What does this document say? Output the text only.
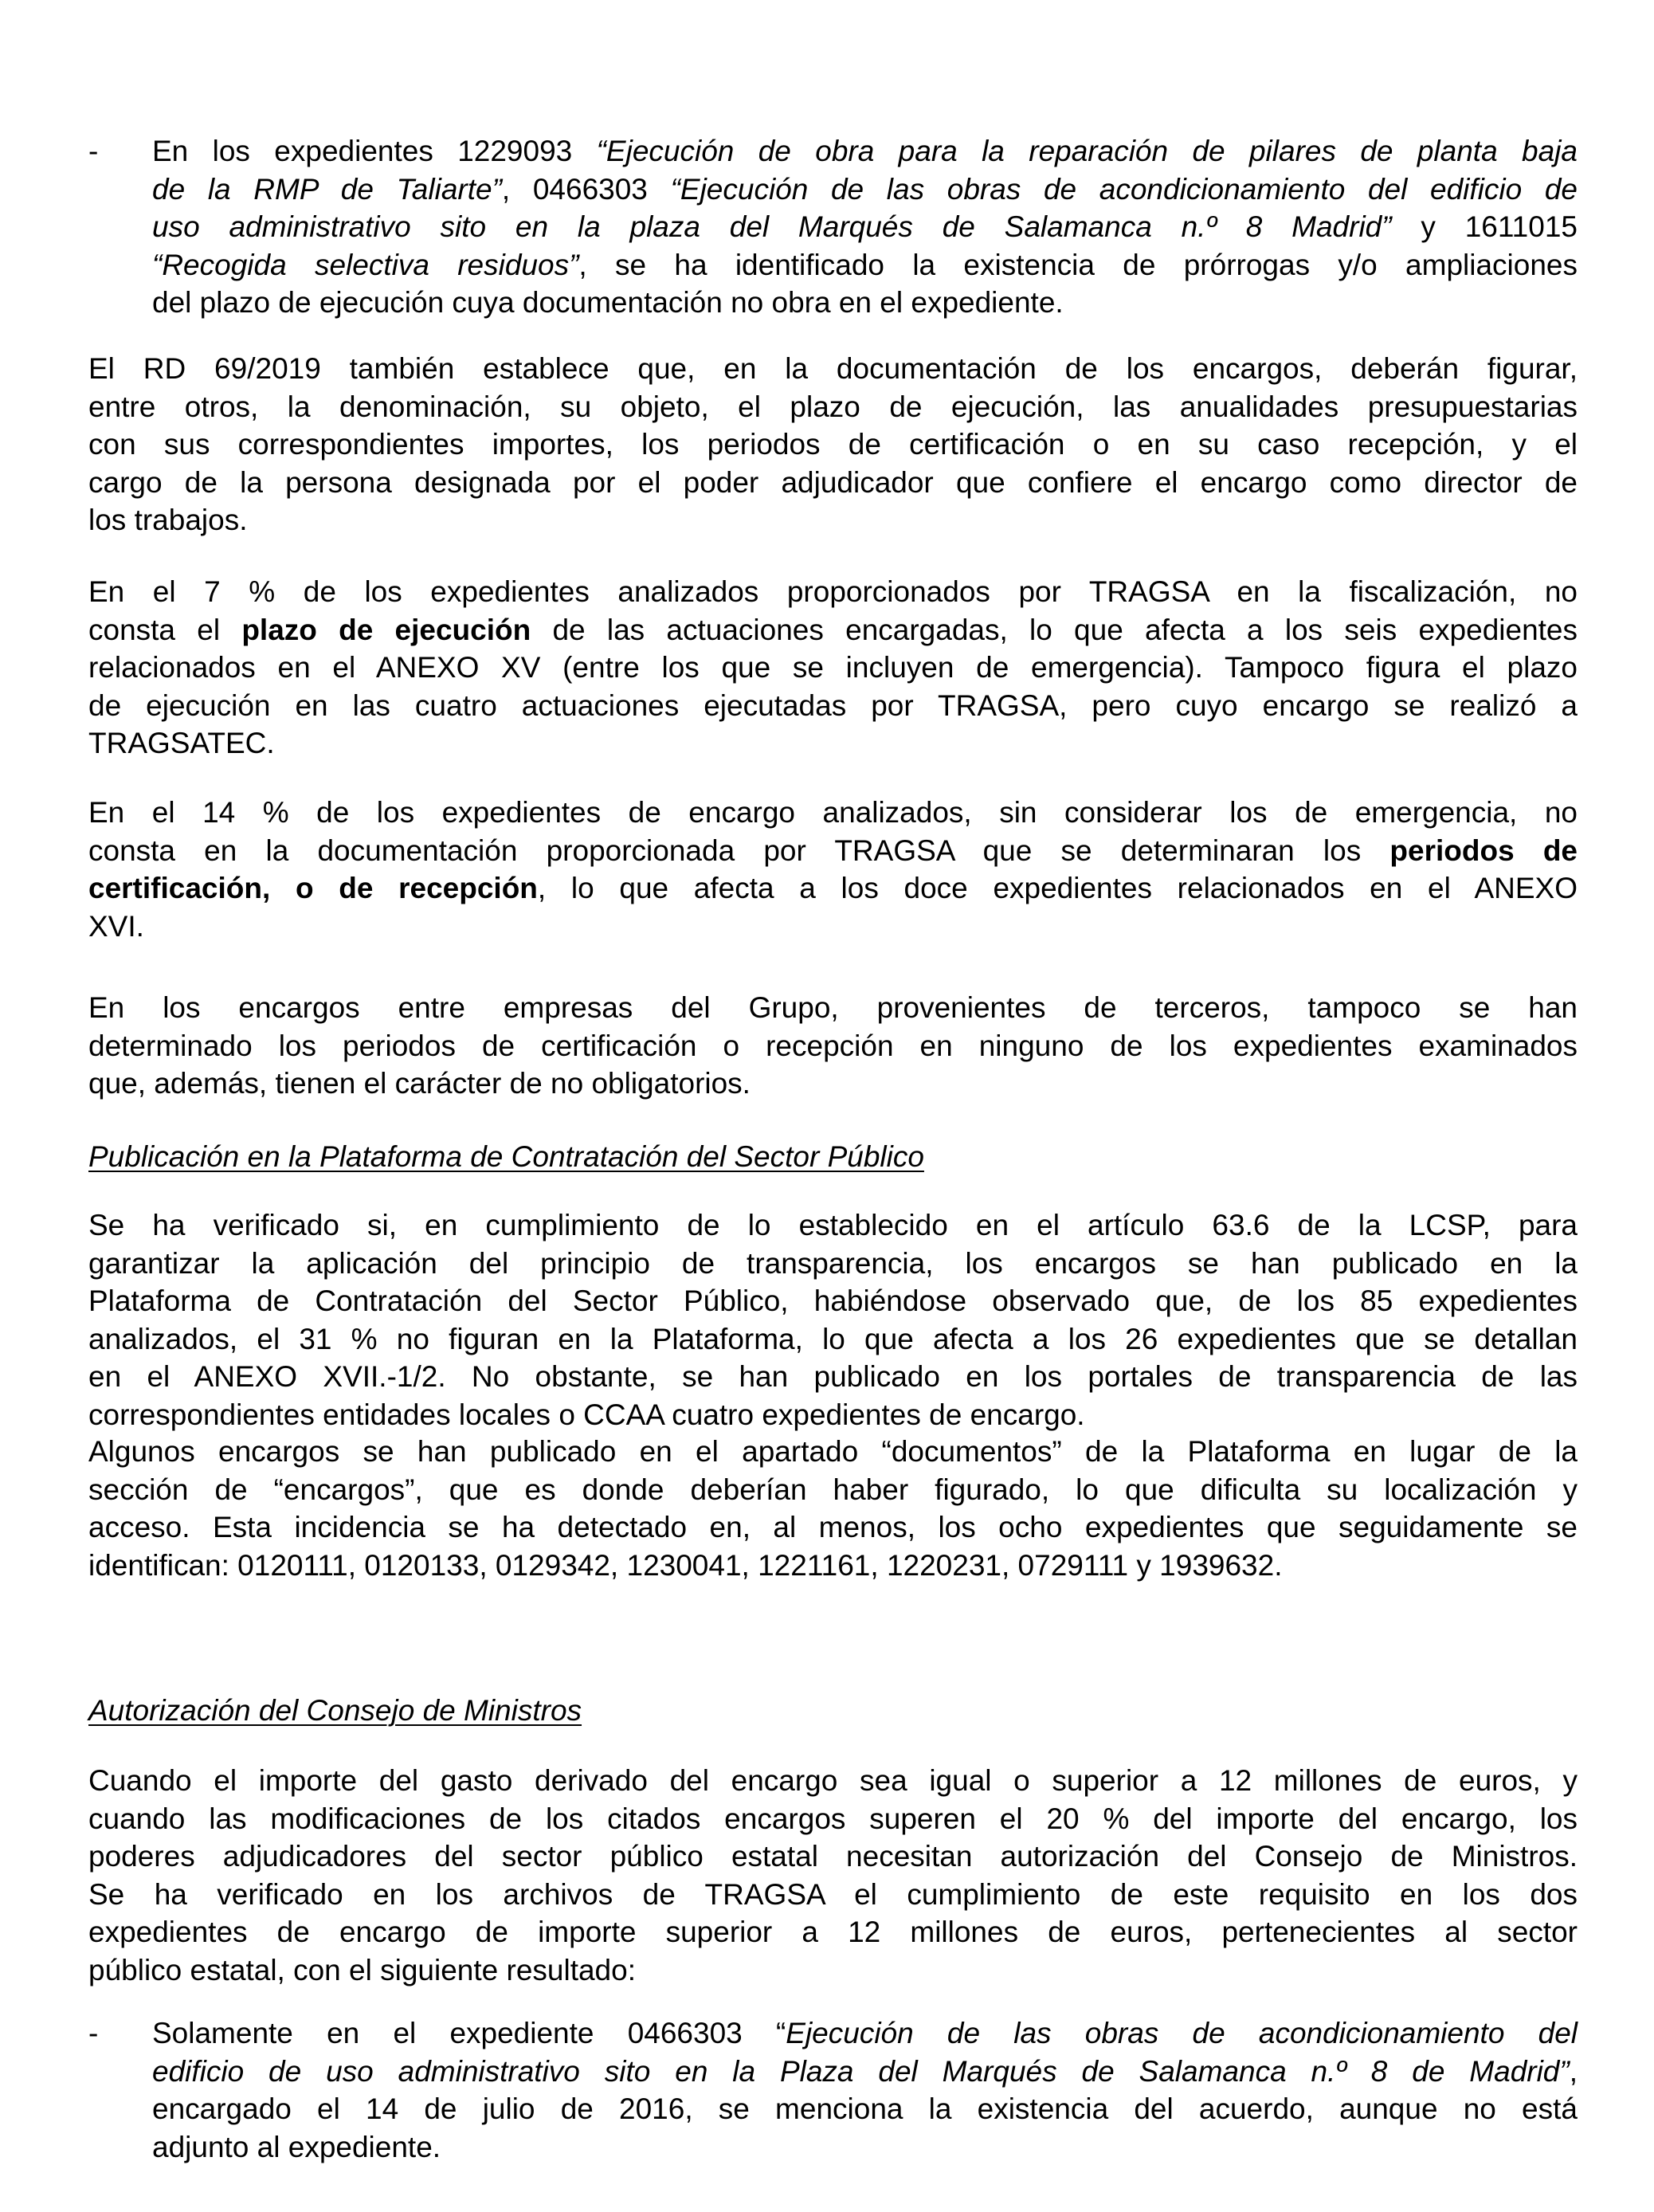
- En los expedientes 1229093 “Ejecución de obra para la reparación de pilares de planta baja
de la RMP de Taliarte”, 0466303 “Ejecución de las obras de acondicionamiento del edificio de
uso administrativo sito en la plaza del Marqués de Salamanca n.º 8 Madrid” y 1611015
“Recogida selectiva residuos”, se ha identificado la existencia de prórrogas y/o ampliaciones
del plazo de ejecución cuya documentación no obra en el expediente.
El RD 69/2019 también establece que, en la documentación de los encargos, deberán figurar,
entre otros, la denominación, su objeto, el plazo de ejecución, las anualidades presupuestarias
con sus correspondientes importes, los periodos de certificación o en su caso recepción, y el
cargo de la persona designada por el poder adjudicador que confiere el encargo como director de
los trabajos.
En el 7 % de los expedientes analizados proporcionados por TRAGSA en la fiscalización, no
consta el plazo de ejecución de las actuaciones encargadas, lo que afecta a los seis expedientes
relacionados en el ANEXO XV (entre los que se incluyen de emergencia). Tampoco figura el plazo
de ejecución en las cuatro actuaciones ejecutadas por TRAGSA, pero cuyo encargo se realizó a
TRAGSATEC.
En el 14 % de los expedientes de encargo analizados, sin considerar los de emergencia, no
consta en la documentación proporcionada por TRAGSA que se determinaran los periodos de
certificación, o de recepción, lo que afecta a los doce expedientes relacionados en el ANEXO
XVI.
En los encargos entre empresas del Grupo, provenientes de terceros, tampoco se han
determinado los periodos de certificación o recepción en ninguno de los expedientes examinados
que, además, tienen el carácter de no obligatorios.
Publicación en la Plataforma de Contratación del Sector Público
Se ha verificado si, en cumplimiento de lo establecido en el artículo 63.6 de la LCSP, para
garantizar la aplicación del principio de transparencia, los encargos se han publicado en la
Plataforma de Contratación del Sector Público, habiéndose observado que, de los 85 expedientes
analizados, el 31 % no figuran en la Plataforma, lo que afecta a los 26 expedientes que se detallan
en el ANEXO XVII.-1/2. No obstante, se han publicado en los portales de transparencia de las
correspondientes entidades locales o CCAA cuatro expedientes de encargo.
Algunos encargos se han publicado en el apartado “documentos” de la Plataforma en lugar de la
sección de “encargos”, que es donde deberían haber figurado, lo que dificulta su localización y
acceso. Esta incidencia se ha detectado en, al menos, los ocho expedientes que seguidamente se
identifican: 0120111, 0120133, 0129342, 1230041, 1221161, 1220231, 0729111 y 1939632.
Autorización del Consejo de Ministros
Cuando el importe del gasto derivado del encargo sea igual o superior a 12 millones de euros, y
cuando las modificaciones de los citados encargos superen el 20 % del importe del encargo, los
poderes adjudicadores del sector público estatal necesitan autorización del Consejo de Ministros.
Se ha verificado en los archivos de TRAGSA el cumplimiento de este requisito en los dos
expedientes de encargo de importe superior a 12 millones de euros, pertenecientes al sector
público estatal, con el siguiente resultado:
- Solamente en el expediente 0466303 “Ejecución de las obras de acondicionamiento del
edificio de uso administrativo sito en la Plaza del Marqués de Salamanca n.º 8 de Madrid”,
encargado el 14 de julio de 2016, se menciona la existencia del acuerdo, aunque no está
adjunto al expediente.
